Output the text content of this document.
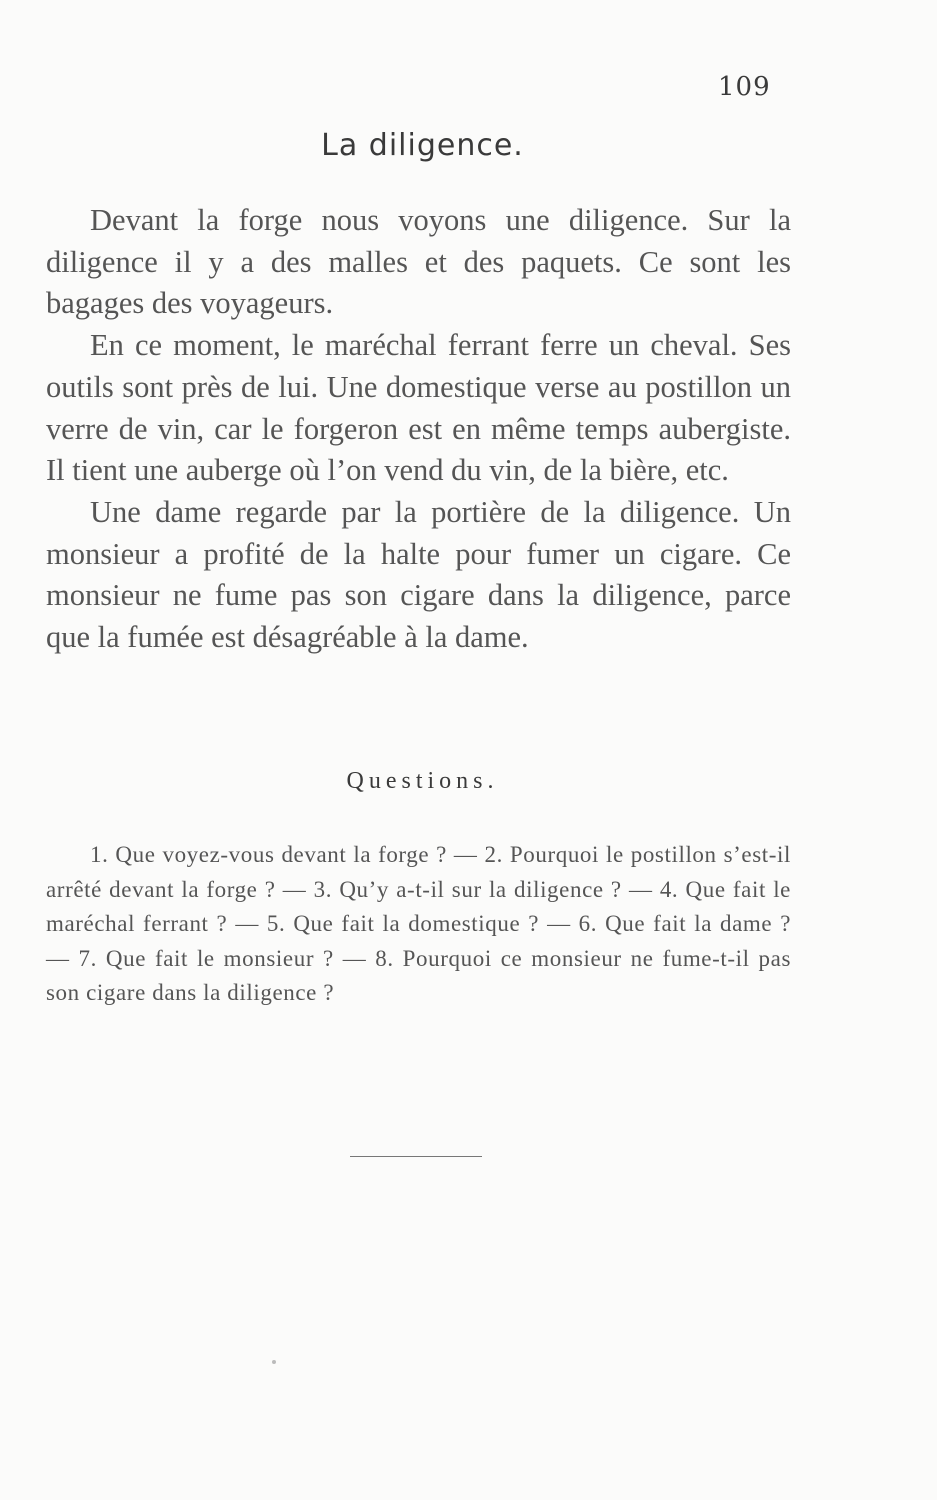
109
La diligence.

Devant la forge nous voyons une diligence. Sur la diligence il y a des malles et des paquets. Ce sont les bagages des voyageurs.

En ce moment, le maréchal ferrant ferre un cheval. Ses outils sont près de lui. Une domestique verse au postillon un verre de vin, car le forgeron est en même temps aubergiste. Il tient une auberge où l’on vend du vin, de la bière, etc.

Une dame regarde par la portière de la diligence. Un monsieur a profité de la halte pour fumer un cigare. Ce monsieur ne fume pas son cigare dans la diligence, parce que la fumée est désagréable à la dame.

Questions.

1. Que voyez-vous devant la forge ? — 2. Pourquoi le postillon s’est-il arrêté devant la forge ? — 3. Qu’y a-t-il sur la diligence ? — 4. Que fait le maréchal ferrant ? — 5. Que fait la domestique ? — 6. Que fait la dame ? — 7. Que fait le monsieur ? — 8. Pourquoi ce monsieur ne fume-t-il pas son cigare dans la diligence ?
